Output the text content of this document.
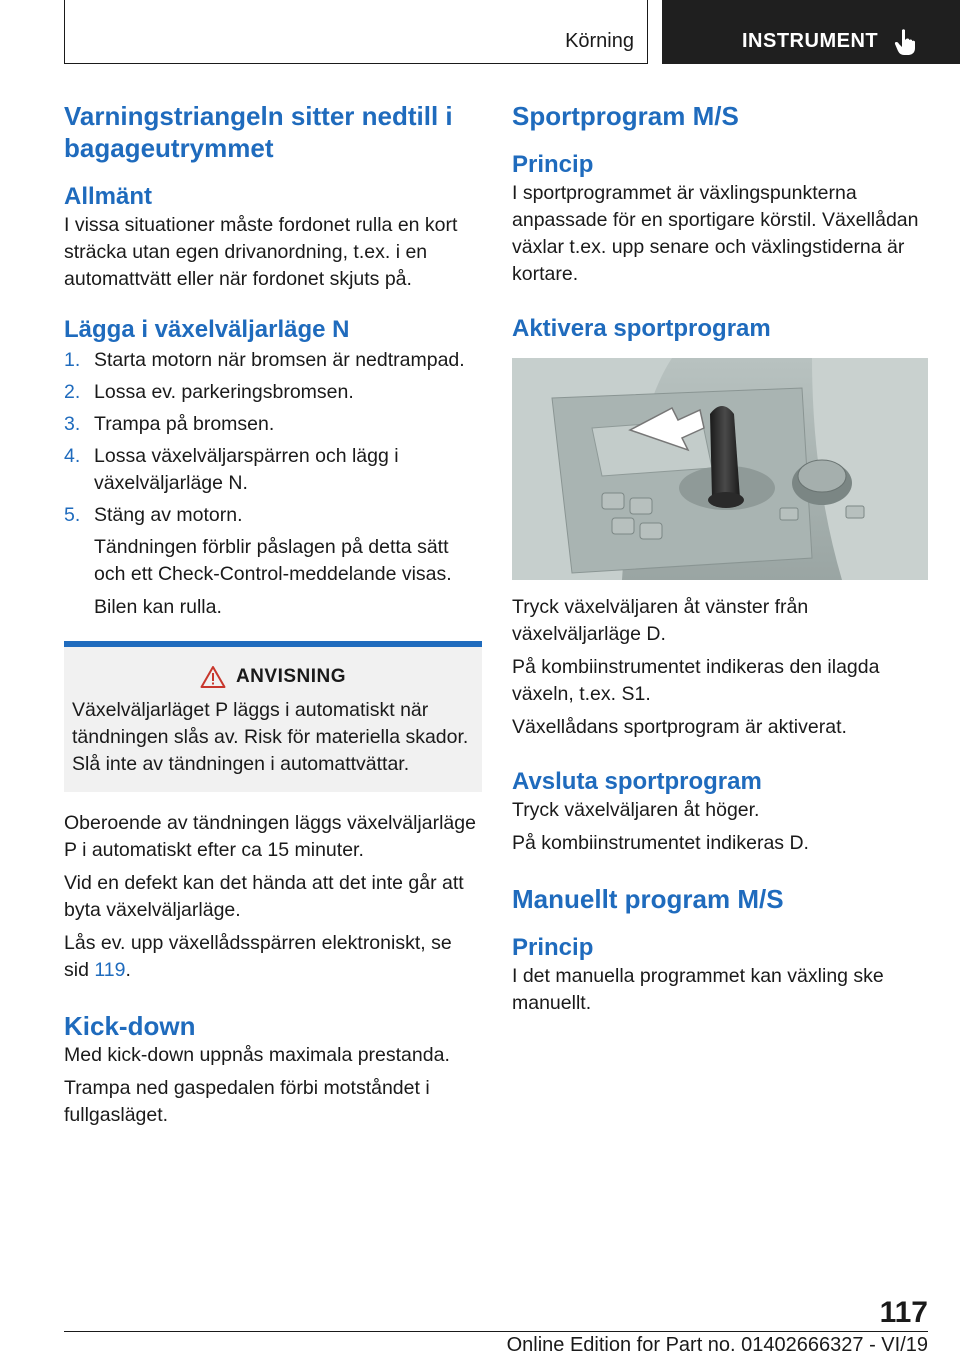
Körning	INSTRUMENT
Varningstriangeln sitter nedtill i bagageutrymmet
Allmänt

I vissa situationer måste fordonet rulla en kort sträcka utan egen drivanordning, t.ex. i en automattvätt eller när fordonet skjuts på.

Lägga i växelväljarläge N
1. Starta motorn när bromsen är nedtrampad.
2. Lossa ev. parkeringsbromsen.
3. Trampa på bromsen.
4. Lossa växelväljarspärren och lägg i växelväljarläge N.
5. Stäng av motorn.

Tändningen förblir påslagen på detta sätt och ett Check-Control-meddelande visas.

Bilen kan rulla.

ANVISNING

Växelväljarläget P läggs i automatiskt när tändningen slås av. Risk för materiella skador. Slå inte av tändningen i automattvättar.

Oberoende av tändningen läggs växelväljarläge P i automatiskt efter ca 15 minuter.

Vid en defekt kan det hända att det inte går att byta växelväljarläge.

Lås ev. upp växellådsspärren elektroniskt, se sid 119.

Kick-down

Med kick-down uppnås maximala prestanda.

Trampa ned gaspedalen förbi motståndet i fullgasläget.

Sportprogram M/S
Princip

I sportprogrammet är växlingspunkterna anpassade för en sportigare körstil. Växellådan växlar t.ex. upp senare och växlingstiderna är kortare.

Aktivera sportprogram

Tryck växelväljaren åt vänster från växelväljarläge D.

På kombiinstrumentet indikeras den ilagda växeln, t.ex. S1.

Växellådans sportprogram är aktiverat.

Avsluta sportprogram

Tryck växelväljaren åt höger.

På kombiinstrumentet indikeras D.

Manuellt program M/S
Princip

I det manuella programmet kan växling ske manuellt.

117
Online Edition for Part no. 01402666327 - VI/19
